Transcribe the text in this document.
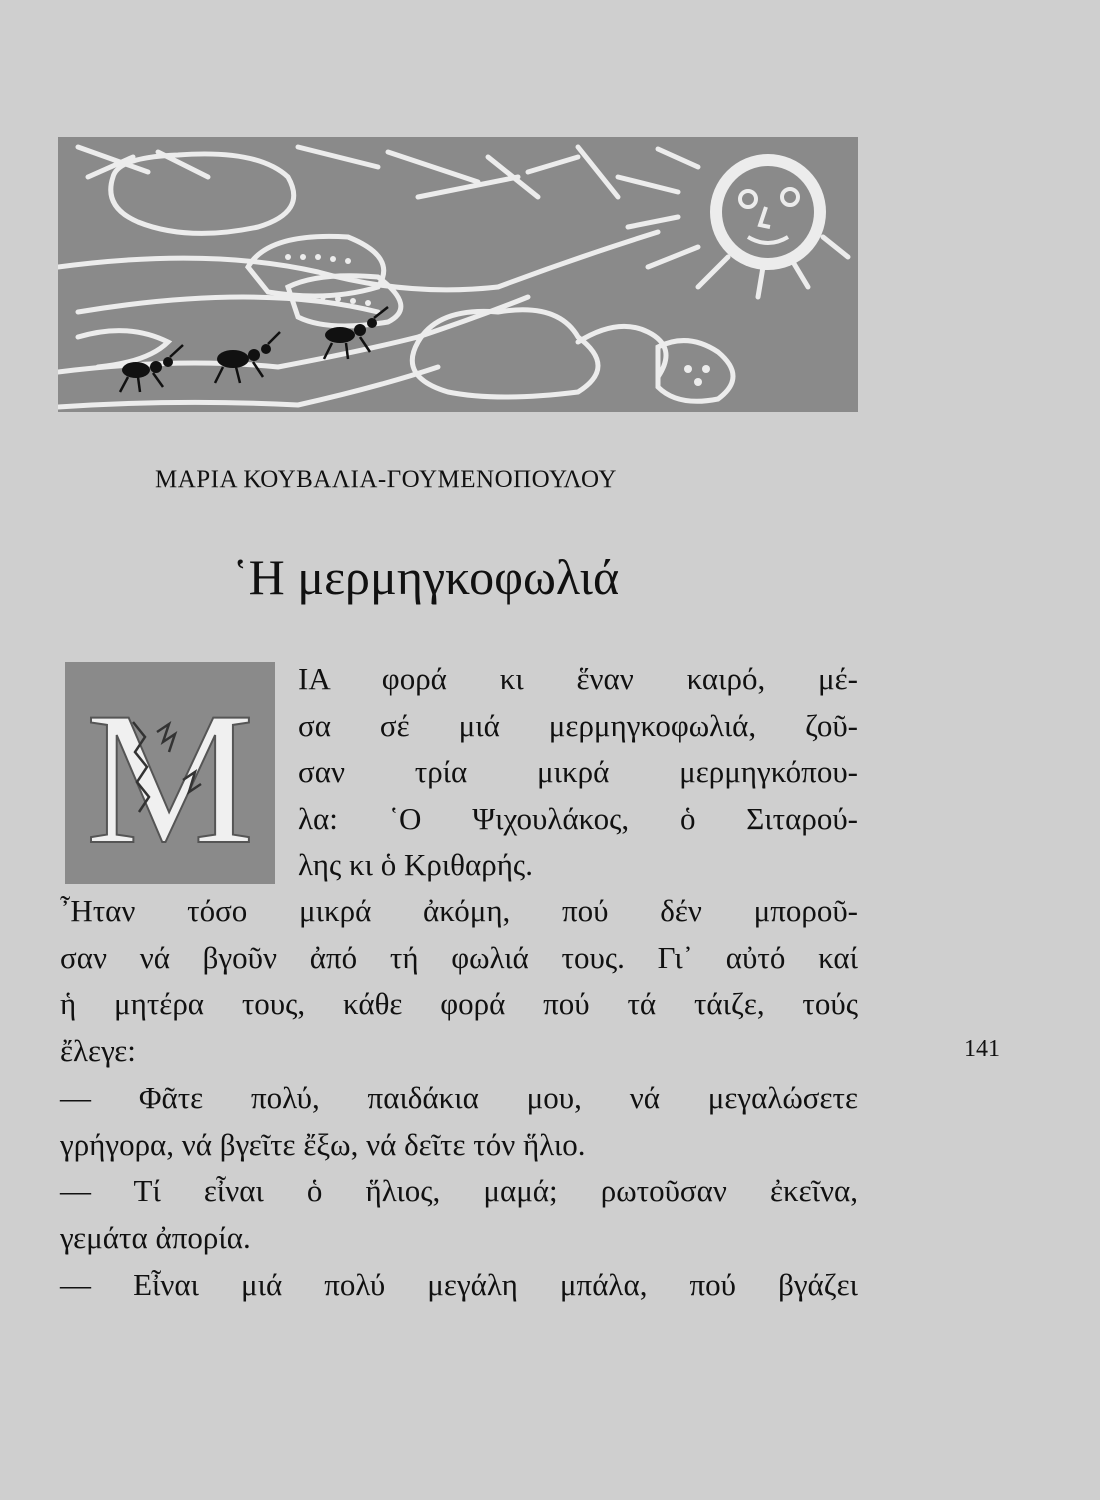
ΜΑΡΙΑ ΚΟΥΒΑΛΙΑ-ΓΟΥΜΕΝΟΠΟΥΛΟΥ
῾Η μερμηγκοφωλιά
M ΙΑ φορά κι ἕναν καιρό, μέ-
σα σέ μιά μερμηγκοφωλιά, ζοῦ-
σαν τρία μικρά μερμηγκόπου-
λα: ῾Ο Ψιχουλάκος, ὁ Σιταρού-
λης κι ὁ Κριθαρής.
῏Ηταν τόσο μικρά ἀκόμη, πού δέν μποροῦ-
σαν νά βγοῦν ἀπό τή φωλιά τους. Γι᾽ αὐτό καί
ἡ μητέρα τους, κάθε φορά πού τά τάιζε, τούς
ἔλεγε:
— Φᾶτε πολύ, παιδάκια μου, νά μεγαλώσετε
γρήγορα, νά βγεῖτε ἔξω, νά δεῖτε τόν ἥλιο.
— Τί εἶναι ὁ ἥλιος, μαμά; ρωτοῦσαν ἐκεῖνα,
γεμάτα ἀπορία.
— Εἶναι μιά πολύ μεγάλη μπάλα, πού βγάζει
141
